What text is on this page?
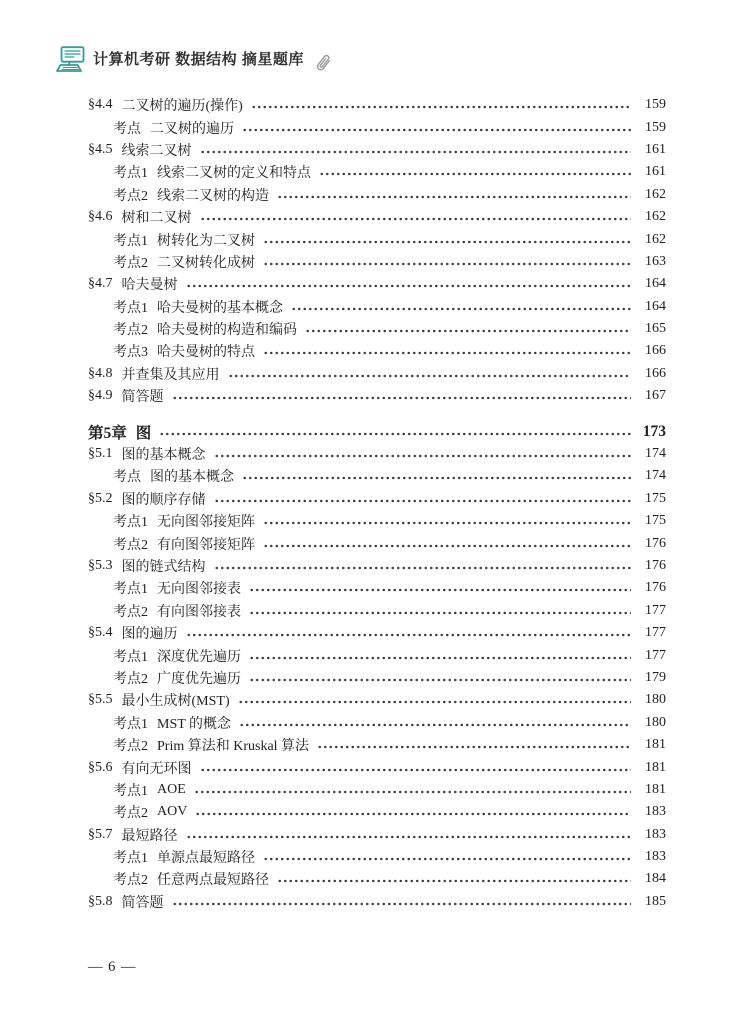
计算机考研 数据结构 摘星题库
§4.4 二叉树的遍历(操作)	159
考点 二叉树的遍历	159
§4.5 线索二叉树	161
考点1 线索二叉树的定义和特点	161
考点2 线索二叉树的构造	162
§4.6 树和二叉树	162
考点1 树转化为二叉树	162
考点2 二叉树转化成树	163
§4.7 哈夫曼树	164
考点1 哈夫曼树的基本概念	164
考点2 哈夫曼树的构造和编码	165
考点3 哈夫曼树的特点	166
§4.8 并查集及其应用	166
§4.9 简答题	167
第5章 图	173
§5.1 图的基本概念	174
考点 图的基本概念	174
§5.2 图的顺序存储	175
考点1 无向图邻接矩阵	175
考点2 有向图邻接矩阵	176
§5.3 图的链式结构	176
考点1 无向图邻接表	176
考点2 有向图邻接表	177
§5.4 图的遍历	177
考点1 深度优先遍历	177
考点2 广度优先遍历	179
§5.5 最小生成树(MST)	180
考点1 MST 的概念	180
考点2 Prim 算法和 Kruskal 算法	181
§5.6 有向无环图	181
考点1 AOE	181
考点2 AOV	183
§5.7 最短路径	183
考点1 单源点最短路径	183
考点2 任意两点最短路径	184
§5.8 简答题	185
— 6 —
